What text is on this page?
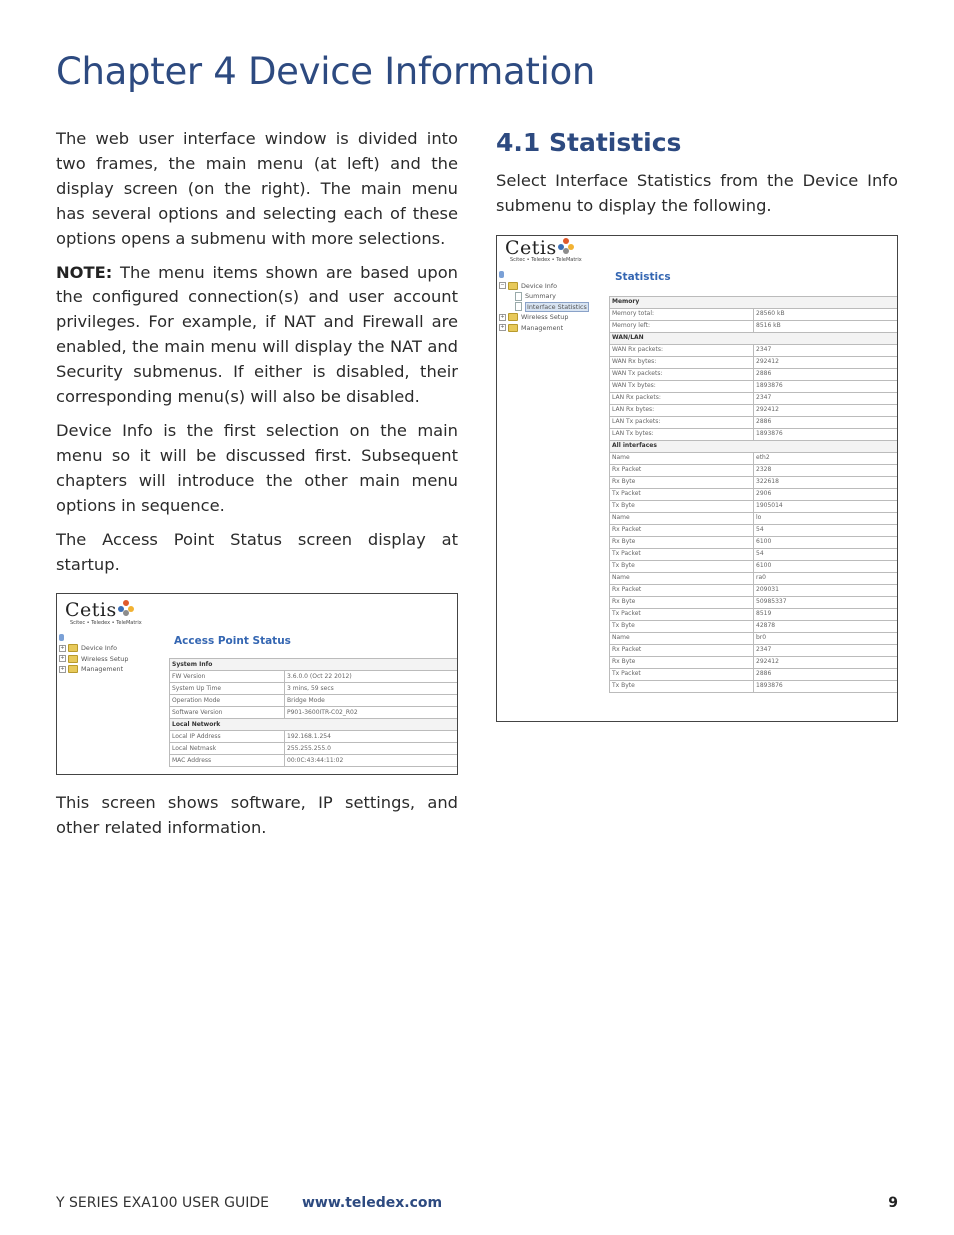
Chapter 4 Device Information

The web user interface window is divided into two frames, the main menu (at left) and the display screen (on the right). The main menu has several options and selecting each of these options opens a submenu with more selections.

NOTE: The menu items shown are based upon the configured connection(s) and user account privileges. For example, if NAT and Firewall are enabled, the main menu will display the NAT and Security submenus. If either is disabled, their corresponding menu(s) will also be disabled.

Device Info is the first selection on the main menu so it will be discussed first. Subsequent chapters will introduce the other main menu options in sequence.

The Access Point Status screen display at startup.

Cetis
Scitec • Teledex • TeleMatrix
+	Device Info
+	Wireless Setup
+	Management
Access Point Status
System Info	
FW Version	3.6.0.0 (Oct 22 2012)
System Up Time	3 mins, 59 secs
Operation Mode	Bridge Mode
Software Version	P901-3600ITR-C02_R02
Local Network	
Local IP Address	192.168.1.254
Local Netmask	255.255.255.0
MAC Address	00:0C:43:44:11:02

This screen shows software, IP settings, and other related information.

4.1 Statistics

Select Interface Statistics from the Device Info submenu to display the following.

Cetis
Scitec • Teledex • TeleMatrix
−	Device Info
Summary
Interface Statistics
+	Wireless Setup
+	Management
Statistics
Memory	
Memory total:	28560 kB
Memory left:	8516 kB
WAN/LAN	
WAN Rx packets:	2347
WAN Rx bytes:	292412
WAN Tx packets:	2886
WAN Tx bytes:	1893876
LAN Rx packets:	2347
LAN Rx bytes:	292412
LAN Tx packets:	2886
LAN Tx bytes:	1893876
All interfaces	
Name	eth2
Rx Packet	2328
Rx Byte	322618
Tx Packet	2906
Tx Byte	1905014
Name	lo
Rx Packet	54
Rx Byte	6100
Tx Packet	54
Tx Byte	6100
Name	ra0
Rx Packet	209031
Rx Byte	50985337
Tx Packet	8519
Tx Byte	42878
Name	br0
Rx Packet	2347
Rx Byte	292412
Tx Packet	2886
Tx Byte	1893876
Y SERIES EXA100 USER GUIDE www.teledex.com	9
